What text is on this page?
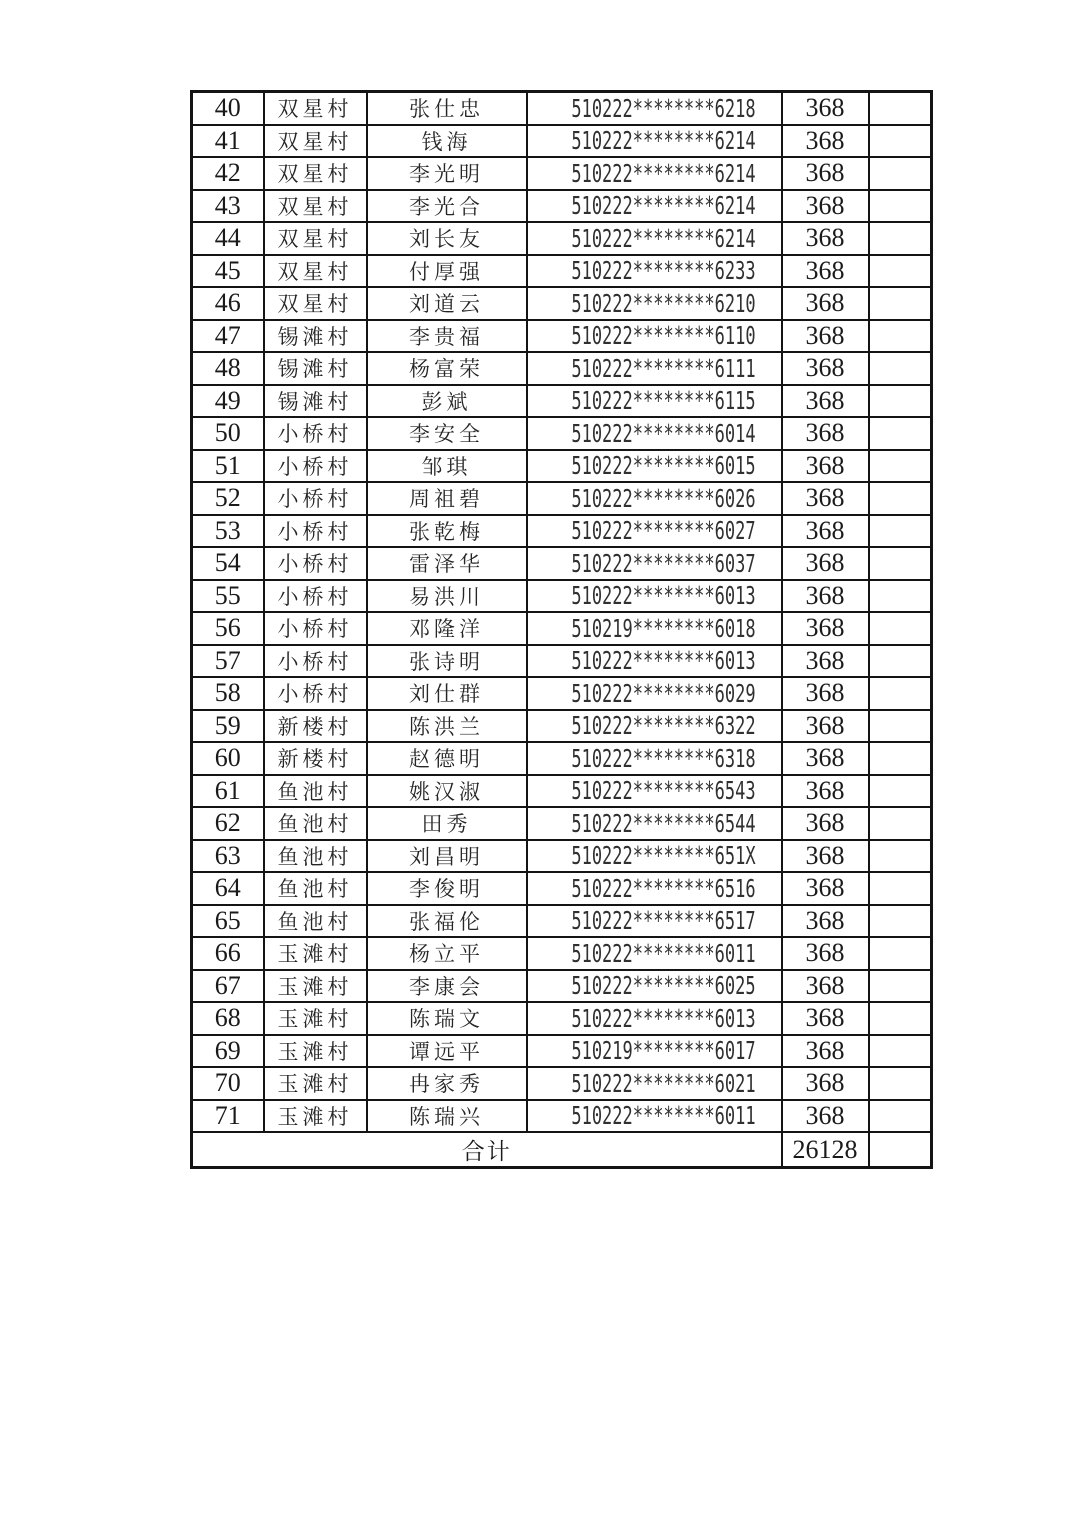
40	双星村	张仕忠	510222********6218	368	
41	双星村	钱海	510222********6214	368	
42	双星村	李光明	510222********6214	368	
43	双星村	李光合	510222********6214	368	
44	双星村	刘长友	510222********6214	368	
45	双星村	付厚强	510222********6233	368	
46	双星村	刘道云	510222********6210	368	
47	锡滩村	李贵福	510222********6110	368	
48	锡滩村	杨富荣	510222********6111	368	
49	锡滩村	彭斌	510222********6115	368	
50	小桥村	李安全	510222********6014	368	
51	小桥村	邹琪	510222********6015	368	
52	小桥村	周祖碧	510222********6026	368	
53	小桥村	张乾梅	510222********6027	368	
54	小桥村	雷泽华	510222********6037	368	
55	小桥村	易洪川	510222********6013	368	
56	小桥村	邓隆洋	510219********6018	368	
57	小桥村	张诗明	510222********6013	368	
58	小桥村	刘仕群	510222********6029	368	
59	新楼村	陈洪兰	510222********6322	368	
60	新楼村	赵德明	510222********6318	368	
61	鱼池村	姚汉淑	510222********6543	368	
62	鱼池村	田秀	510222********6544	368	
63	鱼池村	刘昌明	510222********651X	368	
64	鱼池村	李俊明	510222********6516	368	
65	鱼池村	张福伦	510222********6517	368	
66	玉滩村	杨立平	510222********6011	368	
67	玉滩村	李康会	510222********6025	368	
68	玉滩村	陈瑞文	510222********6013	368	
69	玉滩村	谭远平	510219********6017	368	
70	玉滩村	冉家秀	510222********6021	368	
71	玉滩村	陈瑞兴	510222********6011	368	
合计				26128	
